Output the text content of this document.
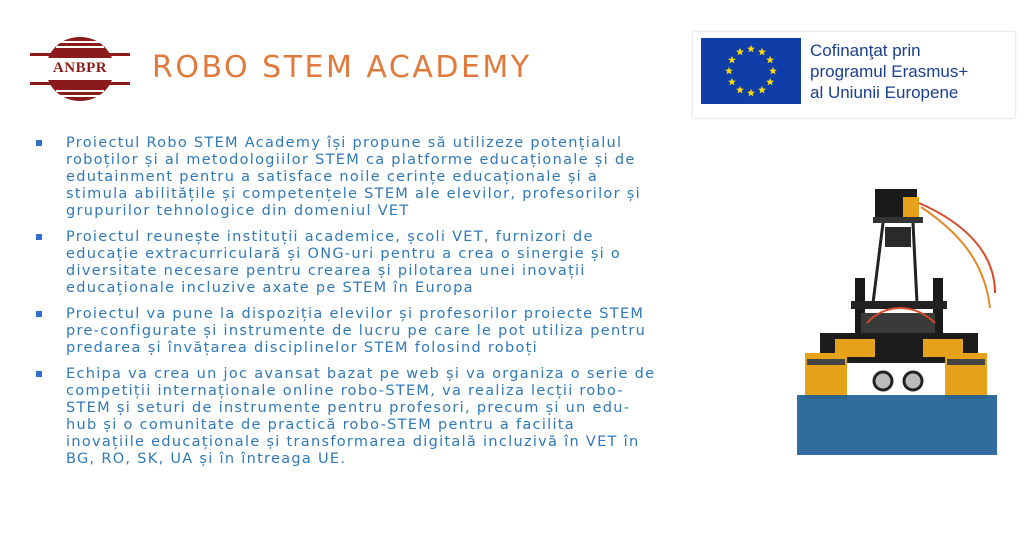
ANBPR	ROBO STEM ACADEMY	Cofinanţat prin
programul Erasmus+
al Uniunii Europene
Proiectul Robo STEM Academy își propune să utilizeze potențialul
roboților și al metodologiilor STEM ca platforme educaționale și de
edutainment pentru a satisface noile cerințe educaționale și a
stimula abilitățile și competențele STEM ale elevilor, profesorilor și
grupurilor tehnologice din domeniul VET
Proiectul reunește instituții academice, școli VET, furnizori de
educație extracurriculară și ONG-uri pentru a crea o sinergie și o
diversitate necesare pentru crearea și pilotarea unei inovații
educaționale incluzive axate pe STEM în Europa
Proiectul va pune la dispoziția elevilor și profesorilor proiecte STEM
pre-configurate și instrumente de lucru pe care le pot utiliza pentru
predarea și învățarea disciplinelor STEM folosind roboți
Echipa va crea un joc avansat bazat pe web și va organiza o serie de
competiții internaționale online robo-STEM, va realiza lecții robo-
STEM și seturi de instrumente pentru profesori, precum și un edu-
hub și o comunitate de practică robo-STEM pentru a facilita
inovațiile educaționale și transformarea digitală incluzivă în VET în
BG, RO, SK, UA și în întreaga UE.
